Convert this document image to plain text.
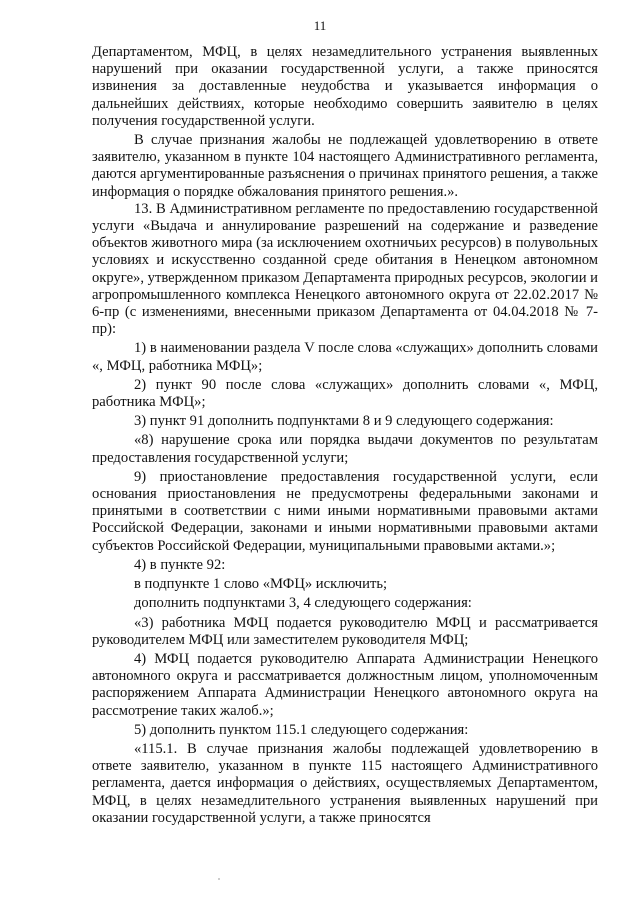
11

Департаментом, МФЦ, в целях незамедлительного устранения выявленных нарушений при оказании государственной услуги, а также приносятся извинения за доставленные неудобства и указывается информация о дальнейших действиях, которые необходимо совершить заявителю в целях получения государственной услуги.

В случае признания жалобы не подлежащей удовлетворению в ответе заявителю, указанном в пункте 104 настоящего Административного регламента, даются аргументированные разъяснения о причинах принятого решения, а также информация о порядке обжалования принятого решения.».

13. В Административном регламенте по предоставлению государственной услуги «Выдача и аннулирование разрешений на содержание и разведение объектов животного мира (за исключением охотничьих ресурсов) в полувольных условиях и искусственно созданной среде обитания в Ненецком автономном округе», утвержденном приказом Департамента природных ресурсов, экологии и агропромышленного комплекса Ненецкого автономного округа от 22.02.2017 № 6-пр (с изменениями, внесенными приказом Департамента от 04.04.2018 № 7-пр):

1) в наименовании раздела V после слова «служащих» дополнить словами «, МФЦ, работника МФЦ»;

2) пункт 90 после слова «служащих» дополнить словами «, МФЦ, работника МФЦ»;

3) пункт 91 дополнить подпунктами 8 и 9 следующего содержания:

«8) нарушение срока или порядка выдачи документов по результатам предоставления государственной услуги;

9) приостановление предоставления государственной услуги, если основания приостановления не предусмотрены федеральными законами и принятыми в соответствии с ними иными нормативными правовыми актами Российской Федерации, законами и иными нормативными правовыми актами субъектов Российской Федерации, муниципальными правовыми актами.»;

4) в пункте 92:

в подпункте 1 слово «МФЦ» исключить;

дополнить подпунктами 3, 4 следующего содержания:

«3) работника МФЦ подается руководителю МФЦ и рассматривается руководителем МФЦ или заместителем руководителя МФЦ;

4) МФЦ подается руководителю Аппарата Администрации Ненецкого автономного округа и рассматривается должностным лицом, уполномоченным распоряжением Аппарата Администрации Ненецкого автономного округа на рассмотрение таких жалоб.»;

5) дополнить пунктом 115.1 следующего содержания:

«115.1. В случае признания жалобы подлежащей удовлетворению в ответе заявителю, указанном в пункте 115 настоящего Административного регламента, дается информация о действиях, осуществляемых Департаментом, МФЦ, в целях незамедлительного устранения выявленных нарушений при оказании государственной услуги, а также приносятся
